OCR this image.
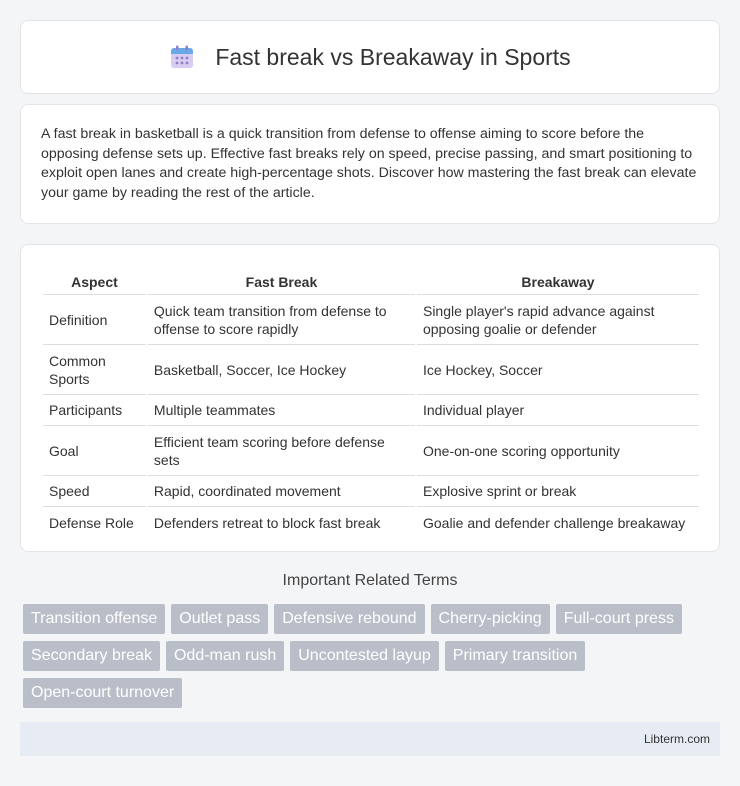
Fast break vs Breakaway in Sports

A fast break in basketball is a quick transition from defense to offense aiming to score before the opposing defense sets up. Effective fast breaks rely on speed, precise passing, and smart positioning to exploit open lanes and create high-percentage shots. Discover how mastering the fast break can elevate your game by reading the rest of the article.

Aspect	Fast Break	Breakaway
Definition	Quick team transition from defense to offense to score rapidly	Single player's rapid advance against opposing goalie or defender
Common Sports	Basketball, Soccer, Ice Hockey	Ice Hockey, Soccer
Participants	Multiple teammates	Individual player
Goal	Efficient team scoring before defense sets	One-on-one scoring opportunity
Speed	Rapid, coordinated movement	Explosive sprint or break
Defense Role	Defenders retreat to block fast break	Goalie and defender challenge breakaway
Important Related Terms
Transition offense	Outlet pass	Defensive rebound	Cherry-picking	Full-court press
Secondary break	Odd-man rush	Uncontested layup	Primary transition
Open-court turnover
Libterm.com
